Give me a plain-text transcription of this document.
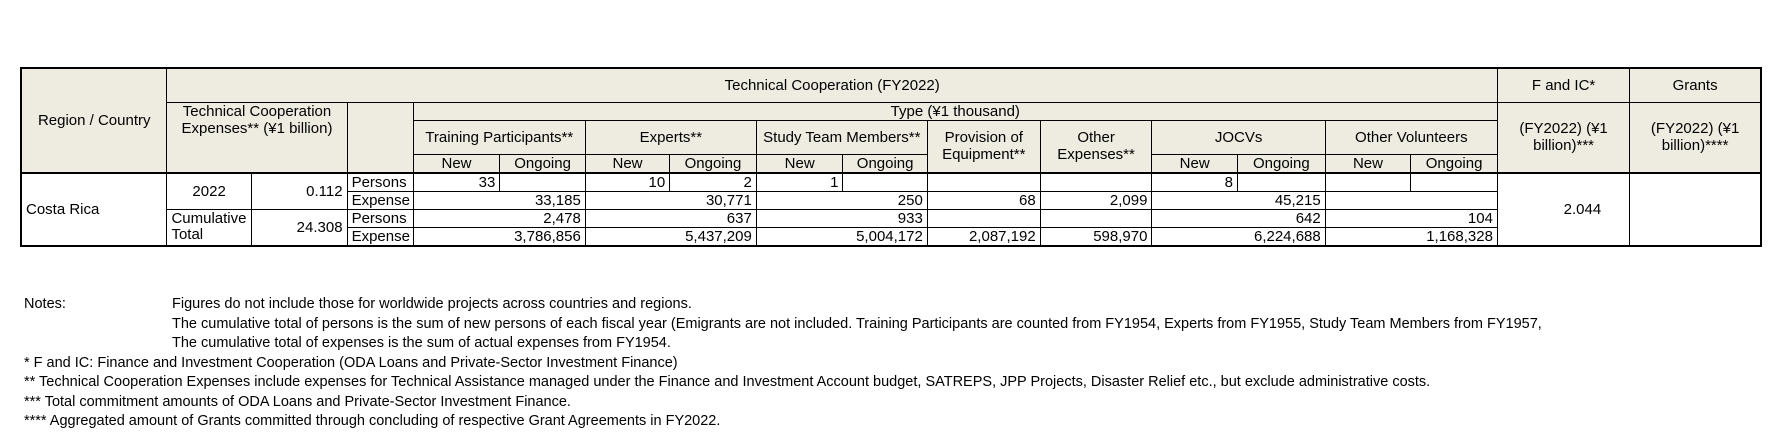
Region / Country	Technical Cooperation (FY2022)															F and IC*	Grants
	Technical Cooperation Expenses** (¥1 billion)			Type (¥1 thousand)												(FY2022) (¥1 billion)***	(FY2022) (¥1 billion)****
				Training Participants**		Experts**		Study Team Members**		Provision of Equipment**	Other Expenses**	JOCVs		Other Volunteers			
				New	Ongoing	New	Ongoing	New	Ongoing			New	Ongoing	New	Ongoing		
Costa Rica	2022	0.112	Persons	33		10	2	1				8				2.044	
			Expense	33,185		30,771		250		68	2,099	45,215					
	Cumulative Total	24.308	Persons	2,478		637		933				642		104			
			Expense	3,786,856		5,437,209		5,004,172		2,087,192	598,970	6,224,688		1,168,328			
Notes:	Figures do not include those for worldwide projects across countries and regions.
The cumulative total of persons is the sum of new persons of each fiscal year (Emigrants are not included. Training Participants are counted from FY1954, Experts from FY1955, Study Team Members from FY1957,
The cumulative total of expenses is the sum of actual expenses from FY1954.
* F and IC: Finance and Investment Cooperation (ODA Loans and Private-Sector Investment Finance)
** Technical Cooperation Expenses include expenses for Technical Assistance managed under the Finance and Investment Account budget, SATREPS, JPP Projects, Disaster Relief etc., but exclude administrative costs.
*** Total commitment amounts of ODA Loans and Private-Sector Investment Finance.
**** Aggregated amount of Grants committed through concluding of respective Grant Agreements in FY2022.
